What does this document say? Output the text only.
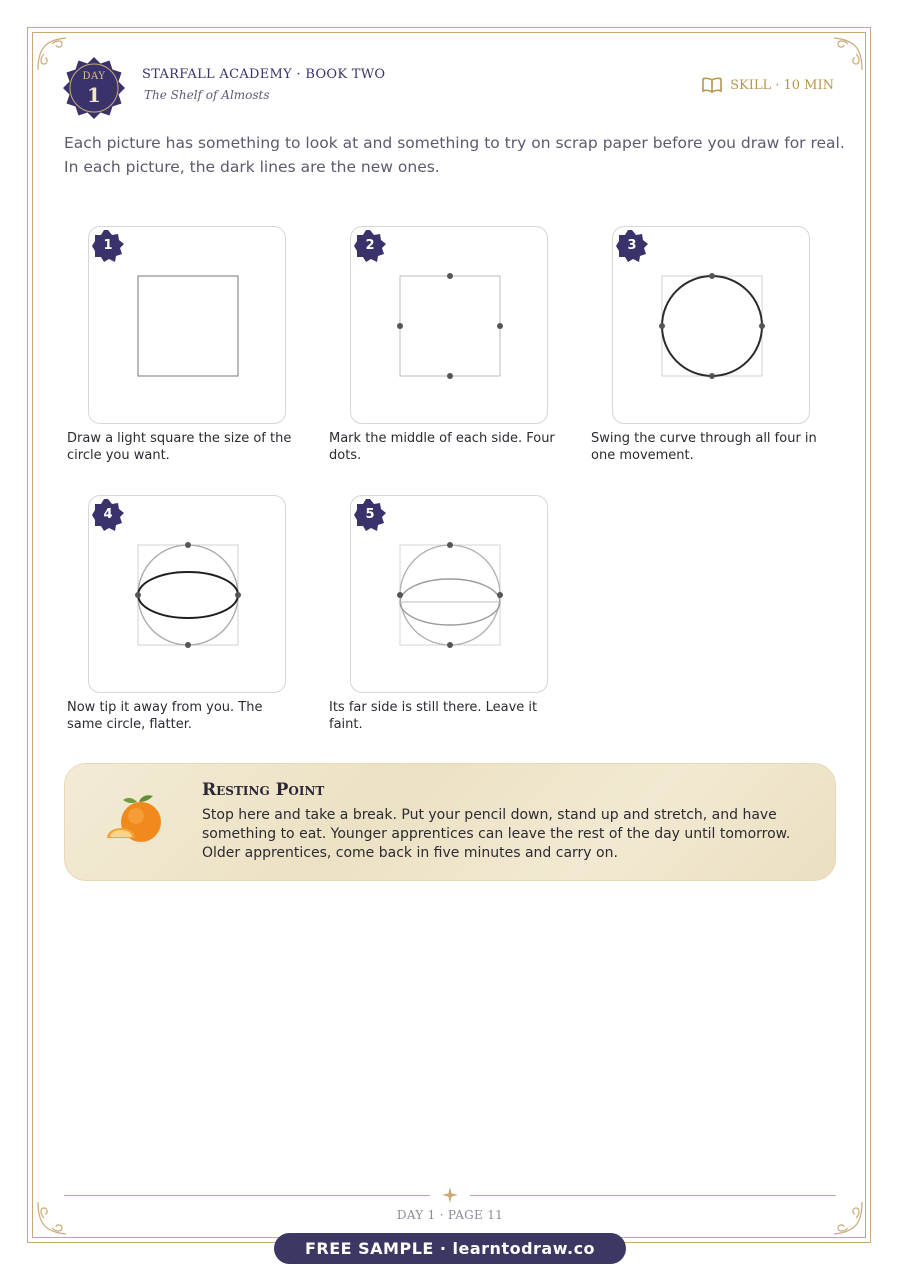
DAY
1
STARFALL ACADEMY · BOOK TWO
The Shelf of Almosts
SKILL · 10 MIN

Each picture has something to look at and something to try on scrap paper before you draw for real.

In each picture, the dark lines are the new ones.

1
Draw a light square the size of the circle you want.
2
Mark the middle of each side. Four dots.
3
Swing the curve through all four in one movement.
4
Now tip it away from you. The same circle, flatter.
5
Its far side is still there. Leave it faint.
Resting Point
Stop here and take a break. Put your pencil down, stand up and stretch, and have something to eat. Younger apprentices can leave the rest of the day until tomorrow. Older apprentices, come back in five minutes and carry on.
DAY 1 · PAGE 11
FREE SAMPLE · learntodraw.co
